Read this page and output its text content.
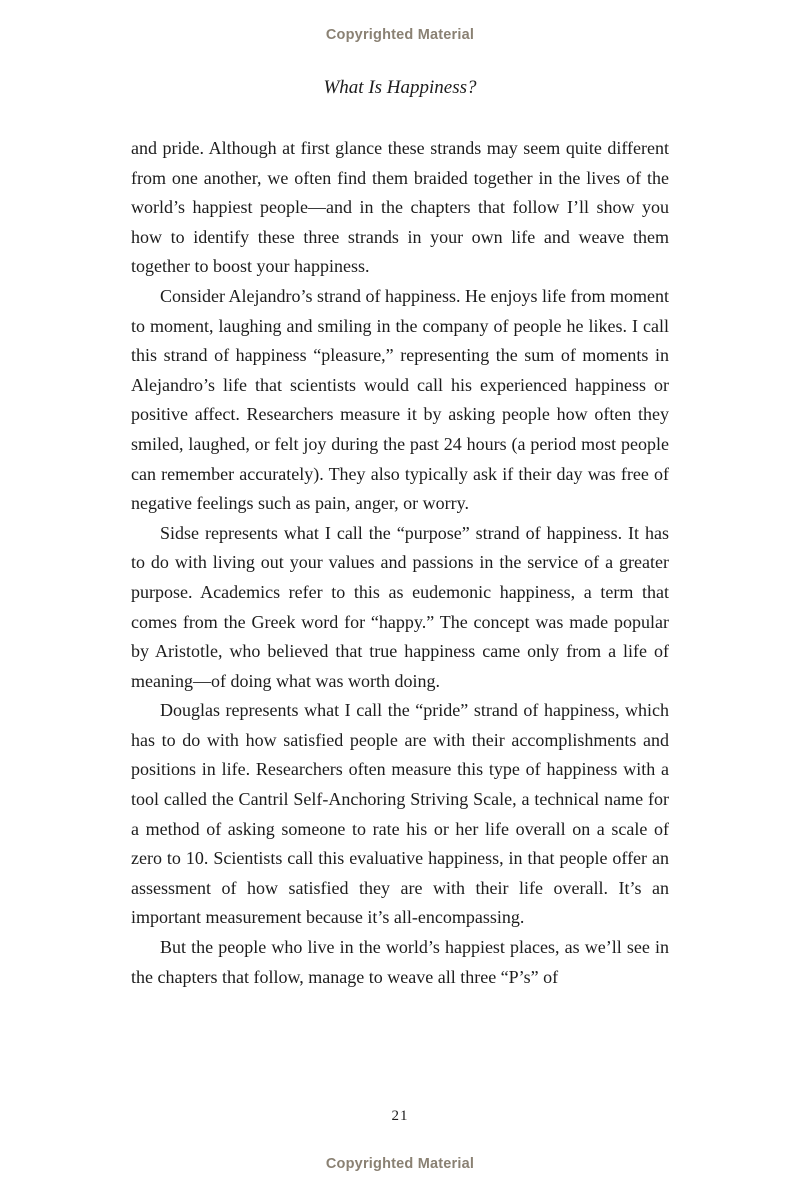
Copyrighted Material
What Is Happiness?

and pride. Although at first glance these strands may seem quite different from one another, we often find them braided together in the lives of the world’s happiest people—and in the chapters that follow I’ll show you how to identify these three strands in your own life and weave them together to boost your happiness.

Consider Alejandro’s strand of happiness. He enjoys life from moment to moment, laughing and smiling in the company of people he likes. I call this strand of happiness “pleasure,” representing the sum of moments in Alejandro’s life that scientists would call his experienced happiness or positive affect. Researchers measure it by asking people how often they smiled, laughed, or felt joy during the past 24 hours (a period most people can remember accurately). They also typically ask if their day was free of negative feelings such as pain, anger, or worry.

Sidse represents what I call the “purpose” strand of happiness. It has to do with living out your values and passions in the service of a greater purpose. Academics refer to this as eudemonic happiness, a term that comes from the Greek word for “happy.” The concept was made popular by Aristotle, who believed that true happiness came only from a life of meaning—of doing what was worth doing.

Douglas represents what I call the “pride” strand of happiness, which has to do with how satisfied people are with their accomplishments and positions in life. Researchers often measure this type of happiness with a tool called the Cantril Self-Anchoring Striving Scale, a technical name for a method of asking someone to rate his or her life overall on a scale of zero to 10. Scientists call this evaluative happiness, in that people offer an assessment of how satisfied they are with their life overall. It’s an important measurement because it’s all-encompassing.

But the people who live in the world’s happiest places, as we’ll see in the chapters that follow, manage to weave all three “P’s” of

21
Copyrighted Material
